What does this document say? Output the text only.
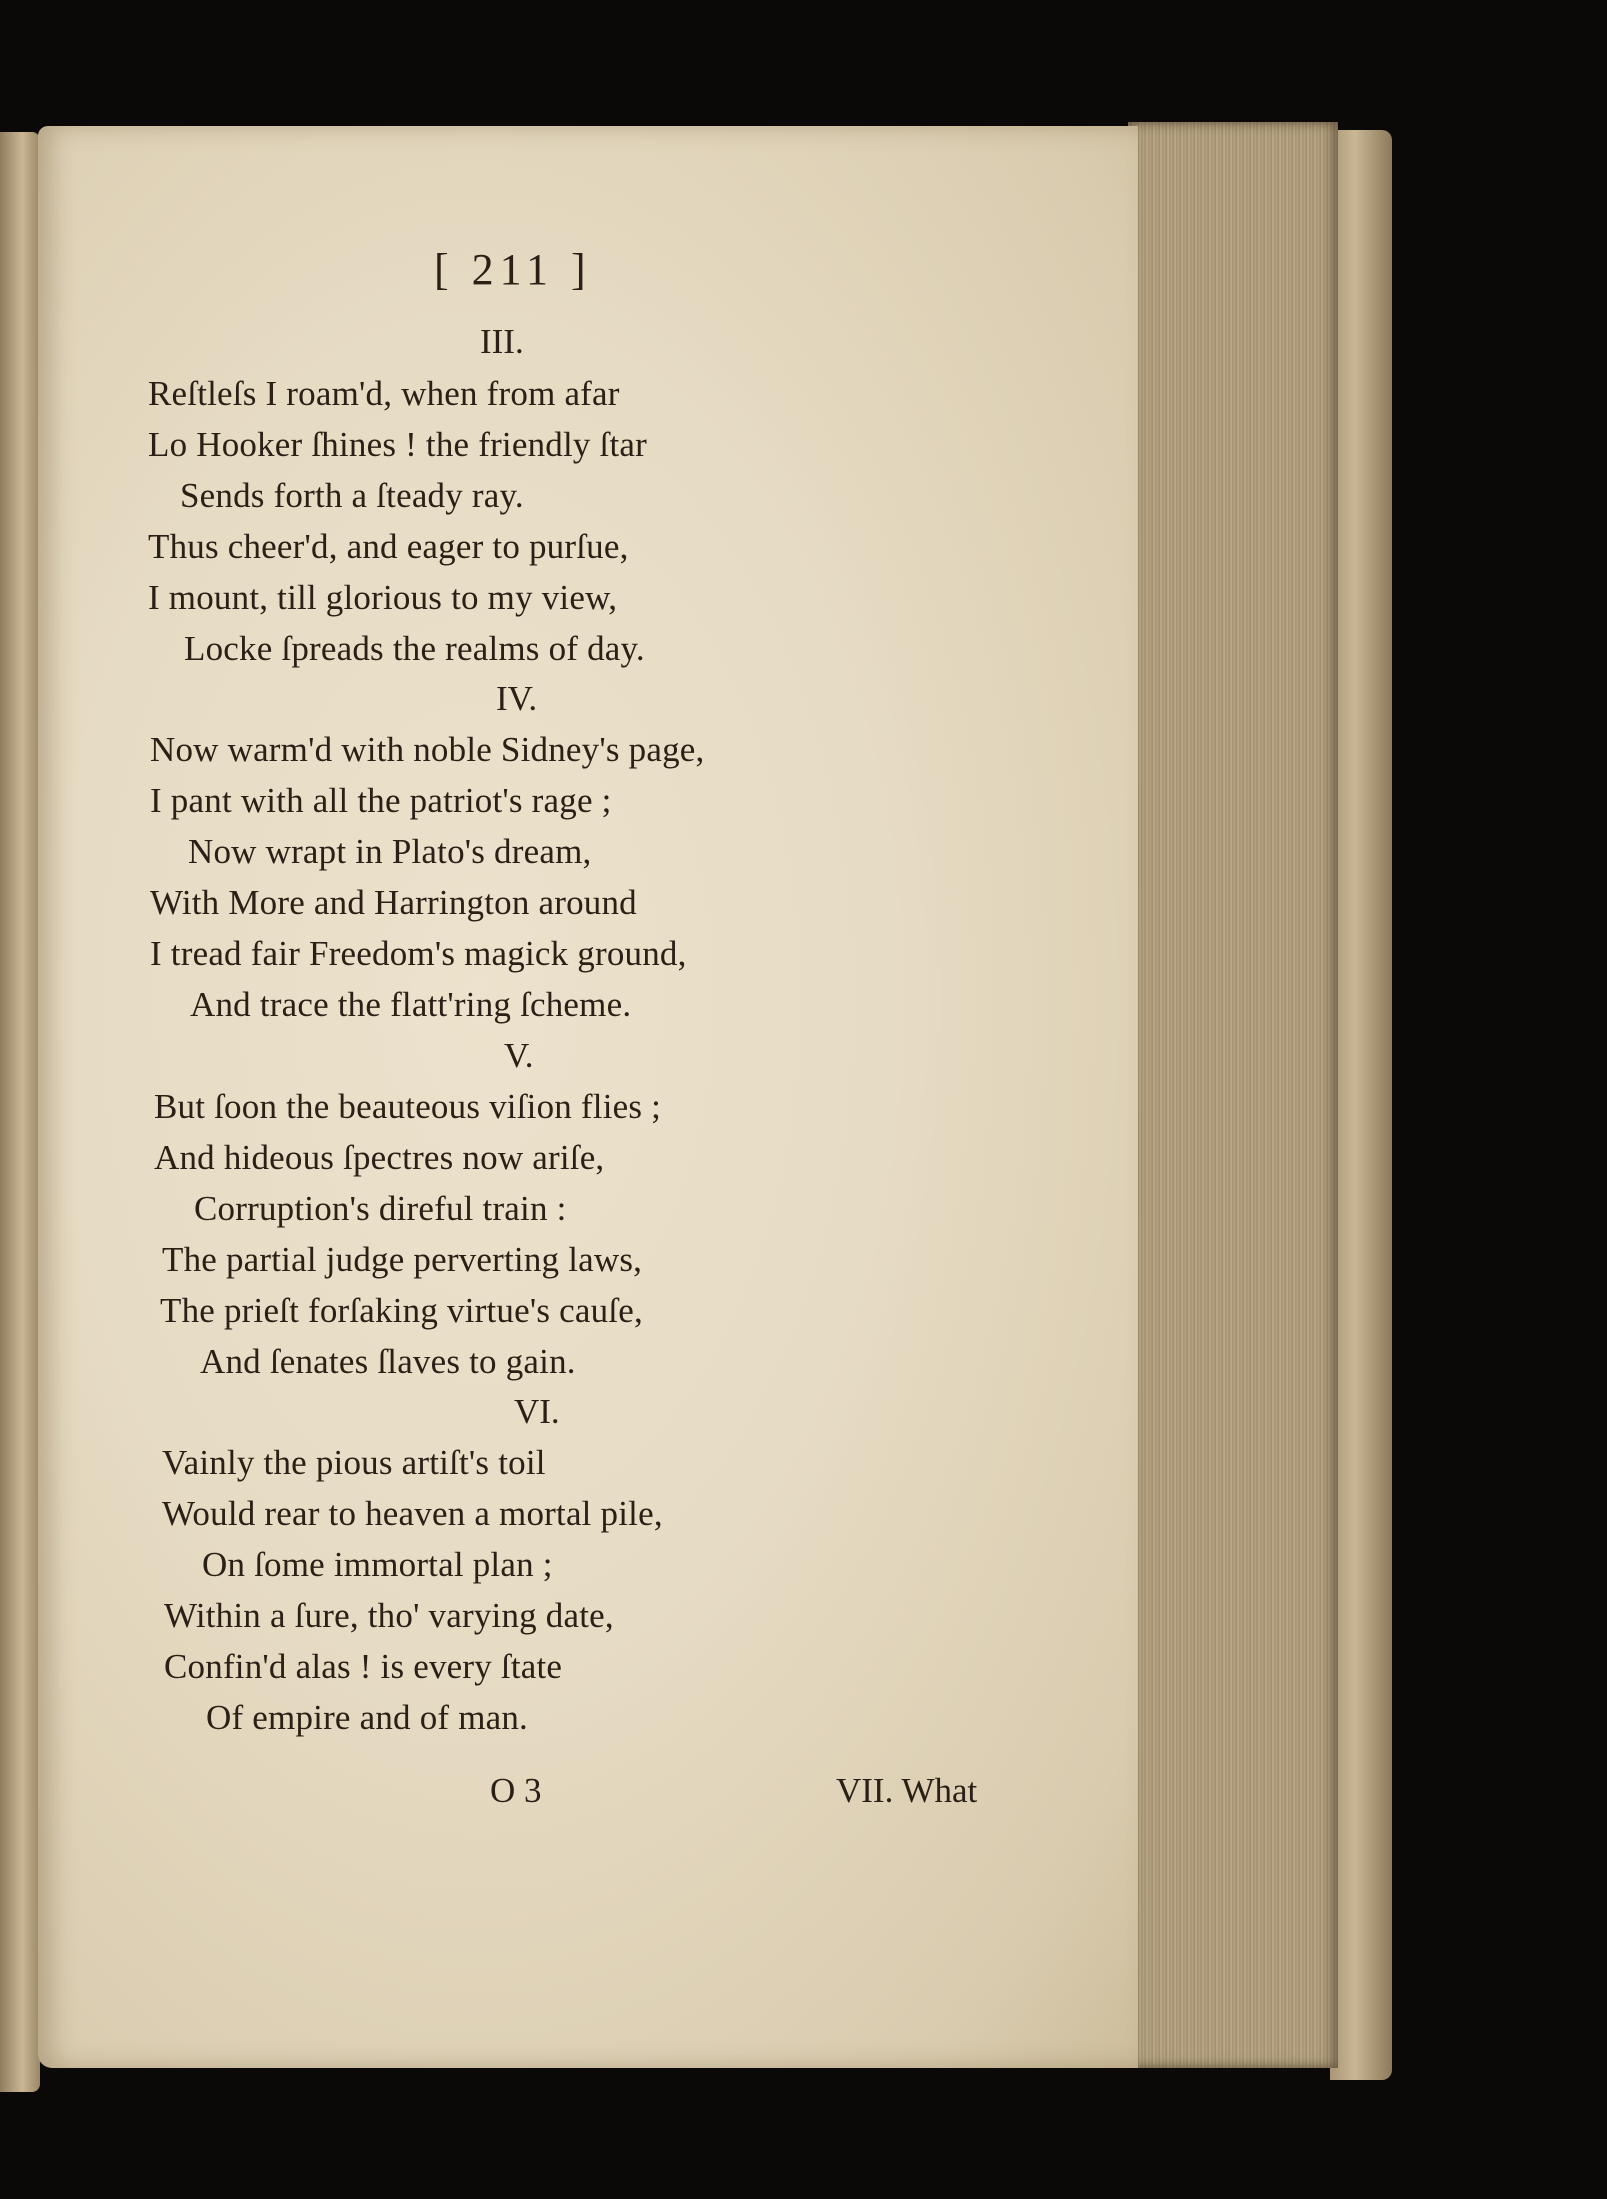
[ 211 ]
III.
Reſtleſs I roam'd, when from afar
Lo Hooker ſhines ! the friendly ſtar
Sends forth a ſteady ray.
Thus cheer'd, and eager to purſue,
I mount, till glorious to my view,
Locke ſpreads the realms of day.
IV.
Now warm'd with noble Sidney's page,
I pant with all the patriot's rage ;
Now wrapt in Plato's dream,
With More and Harrington around
I tread fair Freedom's magick ground,
And trace the flatt'ring ſcheme.
V.
But ſoon the beauteous viſion flies ;
And hideous ſpectres now ariſe,
Corruption's direful train :
The partial judge perverting laws,
The prieſt forſaking virtue's cauſe,
And ſenates ſlaves to gain.
VI.
Vainly the pious artiſt's toil
Would rear to heaven a mortal pile,
On ſome immortal plan ;
Within a ſure, tho' varying date,
Confin'd alas ! is every ſtate
Of empire and of man.
O 3	VII. What
